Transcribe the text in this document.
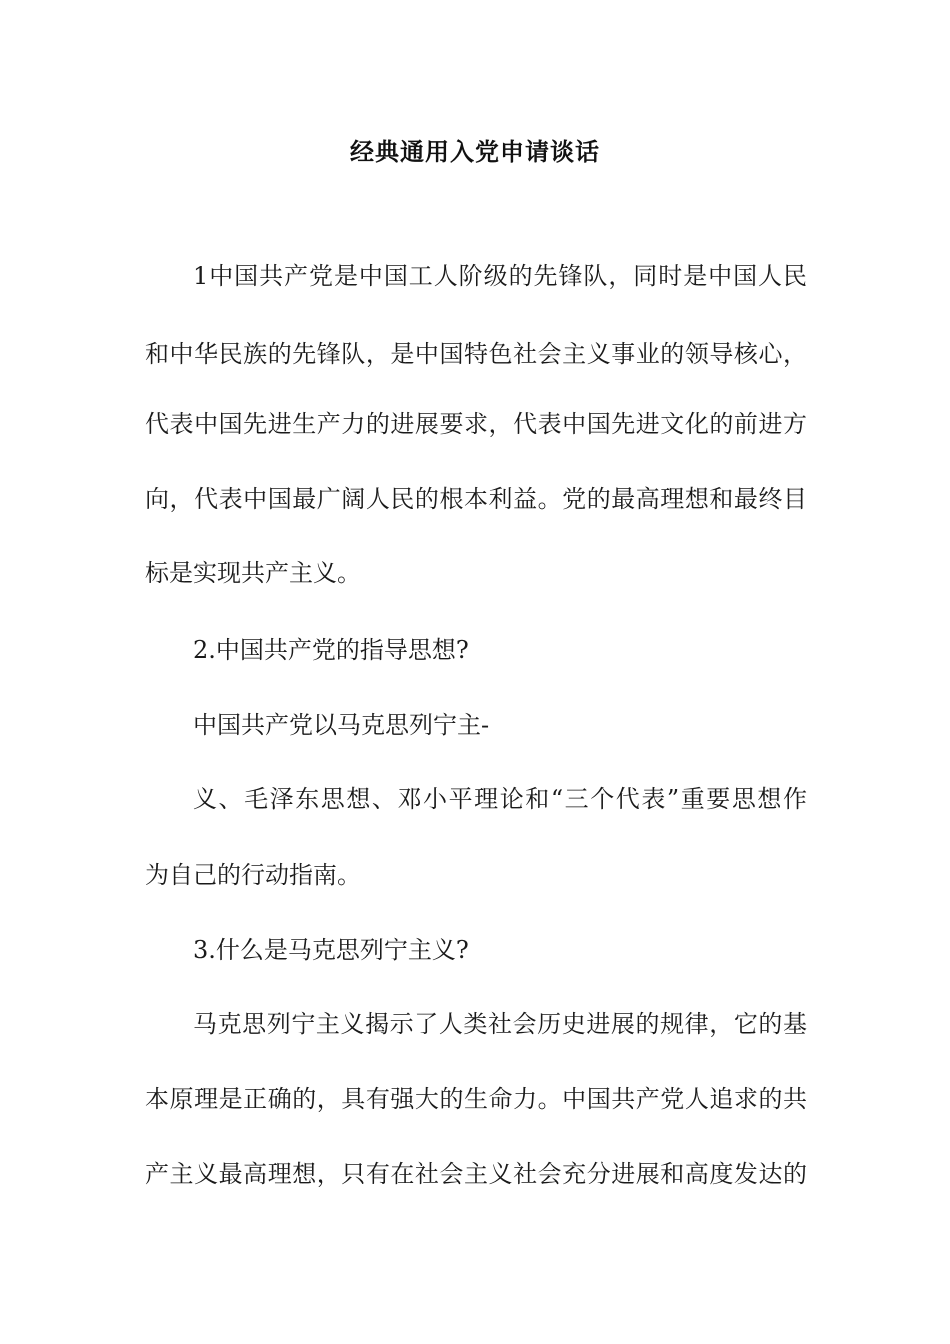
经典通用入党申请谈话
1中国共产党是中国工人阶级的先锋队，同时是中国人民
和中华民族的先锋队，是中国特色社会主义事业的领导核心，
代表中国先进生产力的进展要求，代表中国先进文化的前进方
向，代表中国最广阔人民的根本利益。党的最高理想和最终目
标是实现共产主义。
2.中国共产党的指导思想?
中国共产党以马克思列宁主-
义、毛泽东思想、邓小平理论和“三个代表”重要思想作
为自己的行动指南。
3.什么是马克思列宁主义?
马克思列宁主义揭示了人类社会历史进展的规律，它的基
本原理是正确的，具有强大的生命力。中国共产党人追求的共
产主义最高理想，只有在社会主义社会充分进展和高度发达的
